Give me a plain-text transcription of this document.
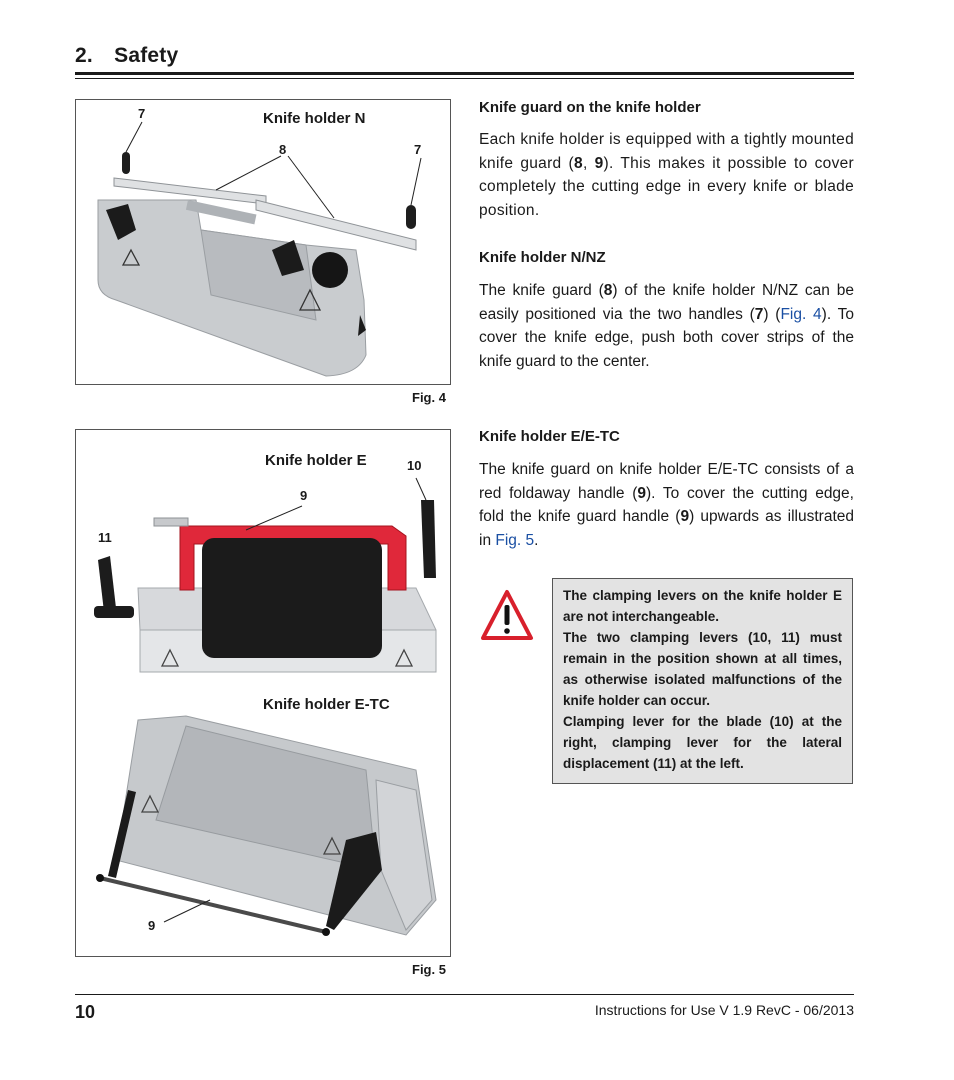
2. Safety
Knife holder N
7
8	7
Fig. 4
Knife holder E
Knife holder E-TC
10
9
11
9
Fig. 5
Knife guard on the knife holder

Each knife holder is equipped with a tightly mounted knife guard (8, 9). This makes it possible to cover completely the cutting edge in every knife or blade position.

Knife holder N/NZ

The knife guard (8) of the knife holder N/NZ can be easily positioned via the two handles (7) (Fig. 4). To cover the knife edge, push both cover strips of the knife guard to the center.

Knife holder E/E-TC

The knife guard on knife holder E/E-TC consists of a red foldaway handle (9). To cover the cutting edge, fold the knife guard handle (9) upwards as illustrated in Fig. 5.

The clamping levers on the knife holder E are not interchangeable.

The two clamping levers (10, 11) must remain in the position shown at all times, as otherwise isolated malfunctions of the knife holder can occur.

Clamping lever for the blade (10) at the right, clamping lever for the lateral displacement (11) at the left.

10	Instructions for Use V 1.9 RevC - 06/2013
